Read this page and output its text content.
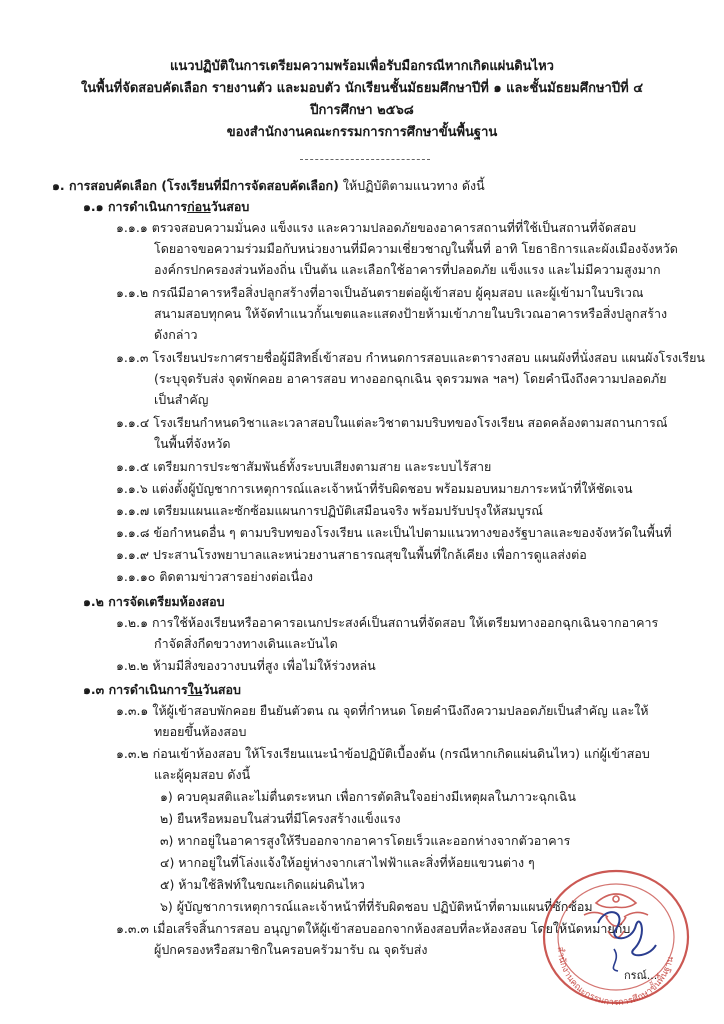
แนวปฏิบัติในการเตรียมความพร้อมเพื่อรับมือกรณีหากเกิดแผ่นดินไหว
ในพื้นที่จัดสอบคัดเลือก รายงานตัว และมอบตัว นักเรียนชั้นมัธยมศึกษาปีที่ ๑ และชั้นมัธยมศึกษาปีที่ ๔
ปีการศึกษา ๒๕๖๘
ของสำนักงานคณะกรรมการการศึกษาขั้นพื้นฐาน
๑. การสอบคัดเลือก (โรงเรียนที่มีการจัดสอบคัดเลือก) ให้ปฏิบัติตามแนวทาง ดังนี้
๑.๑ การดำเนินการก่อนวันสอบ
๑.๑.๑ ตรวจสอบความมั่นคง แข็งแรง และความปลอดภัยของอาคารสถานที่ที่ใช้เป็นสถานที่จัดสอบ
โดยอาจขอความร่วมมือกับหน่วยงานที่มีความเชี่ยวชาญในพื้นที่ อาทิ โยธาธิการและผังเมืองจังหวัด
องค์กรปกครองส่วนท้องถิ่น เป็นต้น และเลือกใช้อาคารที่ปลอดภัย แข็งแรง และไม่มีความสูงมาก
๑.๑.๒ กรณีมีอาคารหรือสิ่งปลูกสร้างที่อาจเป็นอันตรายต่อผู้เข้าสอบ ผู้คุมสอบ และผู้เข้ามาในบริเวณ
สนามสอบทุกคน ให้จัดทำแนวกั้นเขตและแสดงป้ายห้ามเข้าภายในบริเวณอาคารหรือสิ่งปลูกสร้าง
ดังกล่าว
๑.๑.๓ โรงเรียนประกาศรายชื่อผู้มีสิทธิ์เข้าสอบ กำหนดการสอบและตารางสอบ แผนผังที่นั่งสอบ แผนผังโรงเรียน
(ระบุจุดรับส่ง จุดพักคอย อาคารสอบ ทางออกฉุกเฉิน จุดรวมพล ฯลฯ) โดยคำนึงถึงความปลอดภัย
เป็นสำคัญ
๑.๑.๔ โรงเรียนกำหนดวิชาและเวลาสอบในแต่ละวิชาตามบริบทของโรงเรียน สอดคล้องตามสถานการณ์
ในพื้นที่จังหวัด
๑.๑.๕ เตรียมการประชาสัมพันธ์ทั้งระบบเสียงตามสาย และระบบไร้สาย
๑.๑.๖ แต่งตั้งผู้บัญชาการเหตุการณ์และเจ้าหน้าที่รับผิดชอบ พร้อมมอบหมายภาระหน้าที่ให้ชัดเจน
๑.๑.๗ เตรียมแผนและซักซ้อมแผนการปฏิบัติเสมือนจริง พร้อมปรับปรุงให้สมบูรณ์
๑.๑.๘ ข้อกำหนดอื่น ๆ ตามบริบทของโรงเรียน และเป็นไปตามแนวทางของรัฐบาลและของจังหวัดในพื้นที่
๑.๑.๙ ประสานโรงพยาบาลและหน่วยงานสาธารณสุขในพื้นที่ใกล้เคียง เพื่อการดูแลส่งต่อ
๑.๑.๑๐ ติดตามข่าวสารอย่างต่อเนื่อง
๑.๒ การจัดเตรียมห้องสอบ
๑.๒.๑ การใช้ห้องเรียนหรืออาคารอเนกประสงค์เป็นสถานที่จัดสอบ ให้เตรียมทางออกฉุกเฉินจากอาคาร
กำจัดสิ่งกีดขวางทางเดินและบันได
๑.๒.๒ ห้ามมีสิ่งของวางบนที่สูง เพื่อไม่ให้ร่วงหล่น
๑.๓ การดำเนินการในวันสอบ
๑.๓.๑ ให้ผู้เข้าสอบพักคอย ยืนยันตัวตน ณ จุดที่กำหนด โดยคำนึงถึงความปลอดภัยเป็นสำคัญ และให้
ทยอยขึ้นห้องสอบ
๑.๓.๒ ก่อนเข้าห้องสอบ ให้โรงเรียนแนะนำข้อปฏิบัติเบื้องต้น (กรณีหากเกิดแผ่นดินไหว) แก่ผู้เข้าสอบ
และผู้คุมสอบ ดังนี้
๑) ควบคุมสติและไม่ตื่นตระหนก เพื่อการตัดสินใจอย่างมีเหตุผลในภาวะฉุกเฉิน
๒) ยืนหรือหมอบในส่วนที่มีโครงสร้างแข็งแรง
๓) หากอยู่ในอาคารสูงให้รีบออกจากอาคารโดยเร็วและออกห่างจากตัวอาคาร
๔) หากอยู่ในที่โล่งแจ้งให้อยู่ห่างจากเสาไฟฟ้าและสิ่งที่ห้อยแขวนต่าง ๆ
๕) ห้ามใช้ลิฟท์ในขณะเกิดแผ่นดินไหว
๖) ผู้บัญชาการเหตุการณ์และเจ้าหน้าที่ที่รับผิดชอบ ปฏิบัติหน้าที่ตามแผนที่ซักซ้อม
๑.๓.๓ เมื่อเสร็จสิ้นการสอบ อนุญาตให้ผู้เข้าสอบออกจากห้องสอบที่ละห้องสอบ โดยให้นัดหมายกับ
ผู้ปกครองหรือสมาชิกในครอบครัวมารับ ณ จุดรับส่ง	สำนักงานคณะกรรมการการศึกษาขั้นพื้นฐาน
กรณ์...
